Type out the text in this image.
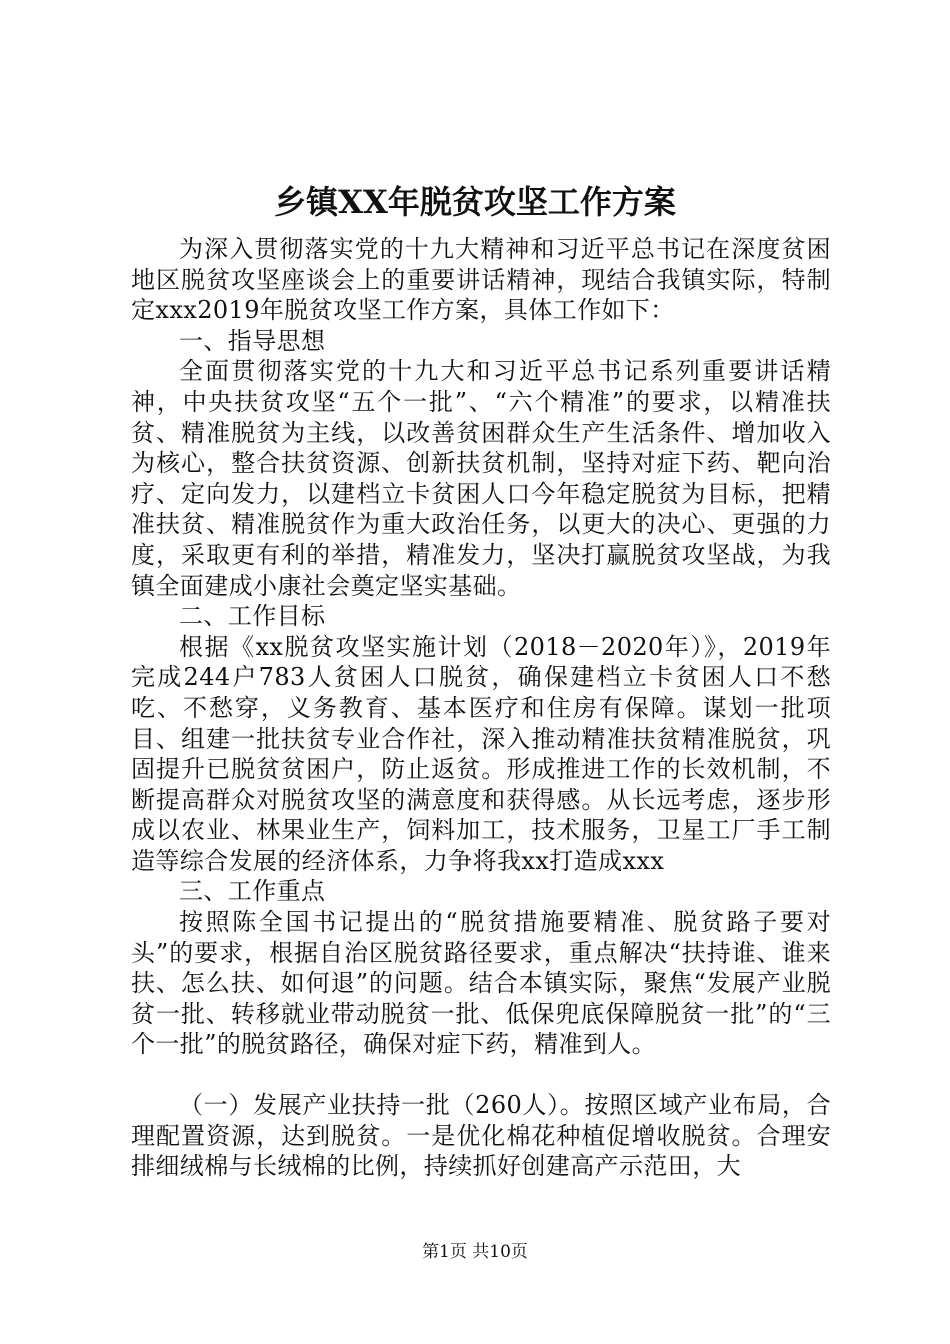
乡镇XX年脱贫攻坚工作方案

为深入贯彻落实党的十九大精神和习近平总书记在深度贫困地区脱贫攻坚座谈会上的重要讲话精神，现结合我镇实际，特制定xxx2019年脱贫攻坚工作方案，具体工作如下：

一、指导思想

全面贯彻落实党的十九大和习近平总书记系列重要讲话精神，中央扶贫攻坚“五个一批”、“六个精准”的要求，以精准扶贫、精准脱贫为主线，以改善贫困群众生产生活条件、增加收入为核心，整合扶贫资源、创新扶贫机制，坚持对症下药、靶向治疗、定向发力，以建档立卡贫困人口今年稳定脱贫为目标，把精准扶贫、精准脱贫作为重大政治任务，以更大的决心、更强的力度，采取更有利的举措，精准发力，坚决打赢脱贫攻坚战，为我镇全面建成小康社会奠定坚实基础。

二、工作目标

根据《xx脱贫攻坚实施计划（2018－2020年）》，2019年完成244户783人贫困人口脱贫，确保建档立卡贫困人口不愁吃、不愁穿，义务教育、基本医疗和住房有保障。谋划一批项目、组建一批扶贫专业合作社，深入推动精准扶贫精准脱贫，巩固提升已脱贫贫困户，防止返贫。形成推进工作的长效机制，不断提高群众对脱贫攻坚的满意度和获得感。从长远考虑，逐步形成以农业、林果业生产，饲料加工，技术服务，卫星工厂手工制造等综合发展的经济体系，力争将我xx打造成xxx

三、工作重点

按照陈全国书记提出的“脱贫措施要精准、脱贫路子要对头”的要求，根据自治区脱贫路径要求，重点解决“扶持谁、谁来扶、怎么扶、如何退”的问题。结合本镇实际，聚焦“发展产业脱贫一批、转移就业带动脱贫一批、低保兜底保障脱贫一批”的“三个一批”的脱贫路径，确保对症下药，精准到人。

（一）发展产业扶持一批（260人）。按照区域产业布局，合理配置资源，达到脱贫。一是优化棉花种植促增收脱贫。合理安排细绒棉与长绒棉的比例，持续抓好创建高产示范田，大

第1页 共10页
